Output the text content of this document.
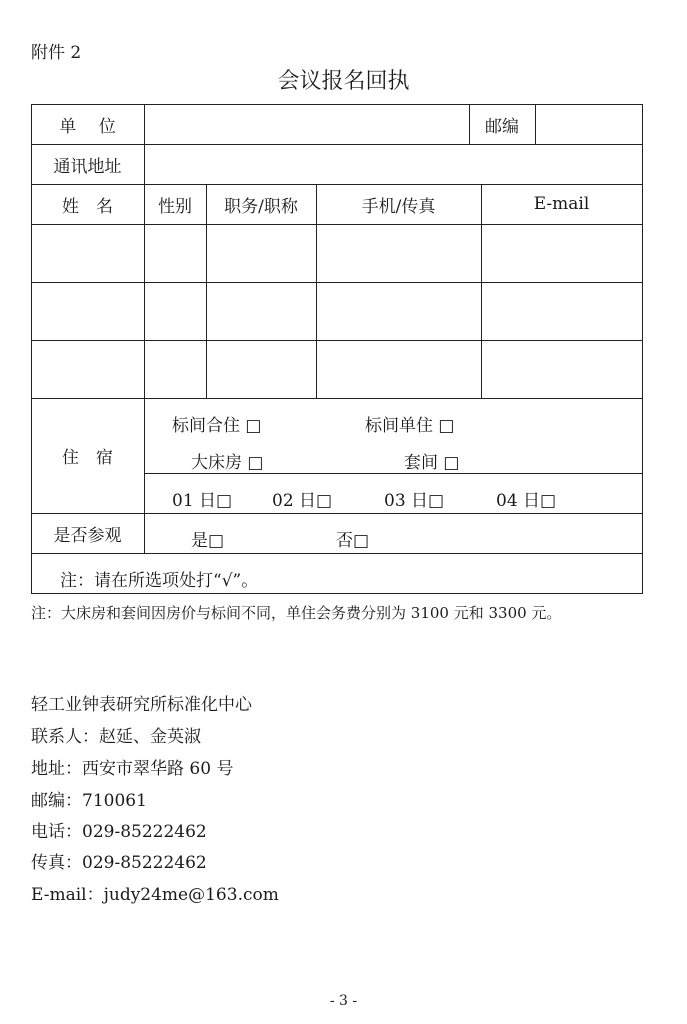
附件 2
会议报名回执
单　 位	邮编
通讯地址
姓　名	性别	职务/职称	手机/传真	E-mail
住　宿
标间合住 □	标间单住 □
大床房 □	套间 □
01 日□ 02 日□	03 日□	04 日□
是否参观	是□	否□
注：请在所选项处打“√”。
注：大床房和套间因房价与标间不同，单住会务费分别为 3100 元和 3300 元。
轻工业钟表研究所标准化中心
联系人：赵延、金英淑
地址：西安市翠华路 60 号
邮编：710061
电话：029-85222462
传真：029-85222462
E-mail：judy24me@163.com
- 3 -
